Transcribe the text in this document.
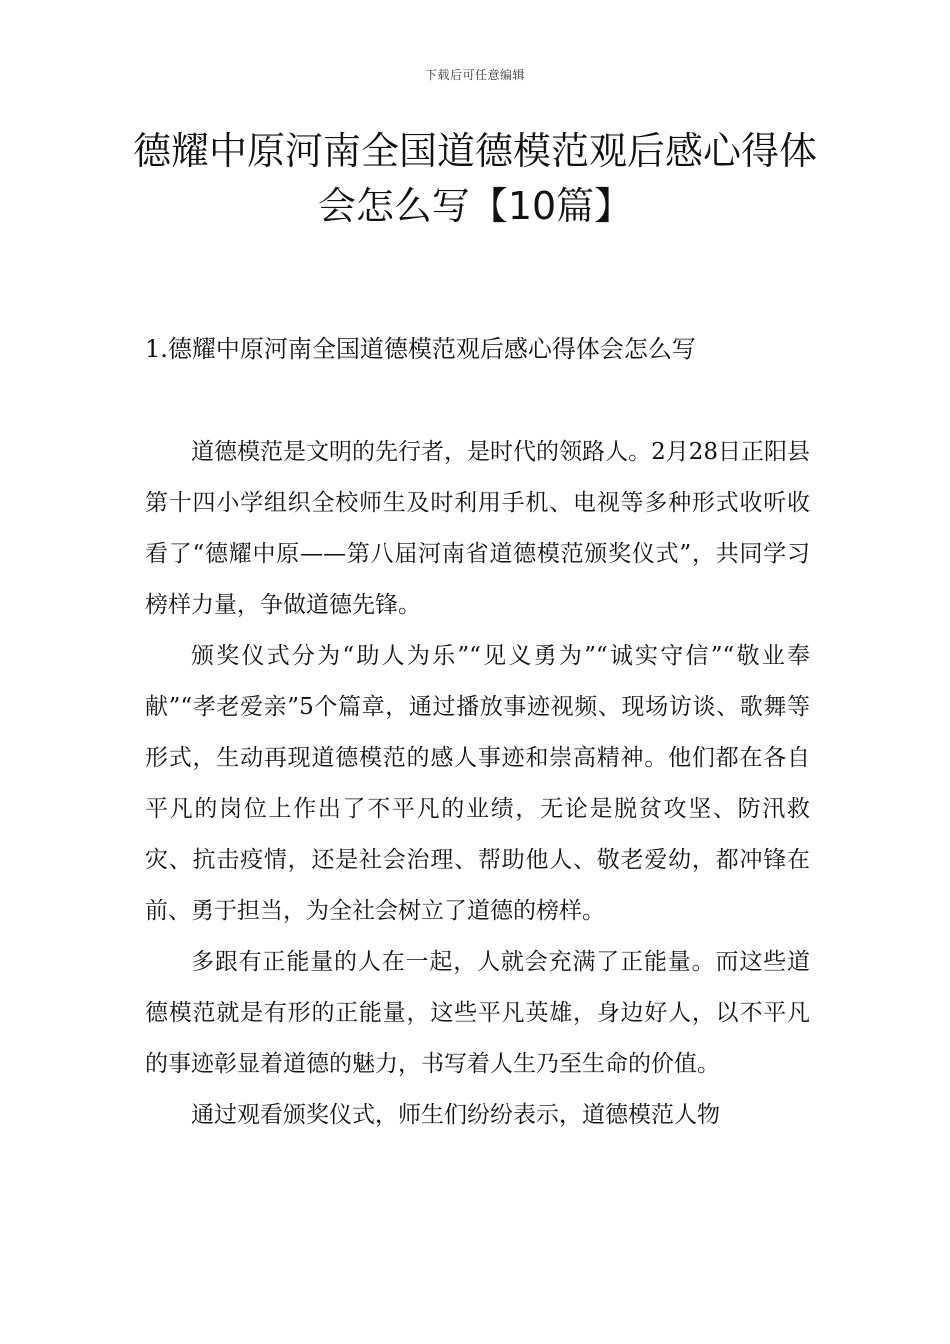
下载后可任意编辑
德耀中原河南全国道德模范观后感心得体会怎么写【10篇】
1.德耀中原河南全国道德模范观后感心得体会怎么写

道德模范是文明的先行者，是时代的领路人。2月28日正阳县第十四小学组织全校师生及时利用手机、电视等多种形式收听收看了“德耀中原——第八届河南省道德模范颁奖仪式”，共同学习榜样力量，争做道德先锋。

颁奖仪式分为“助人为乐”“见义勇为”“诚实守信”“敬业奉献”“孝老爱亲”5个篇章，通过播放事迹视频、现场访谈、歌舞等形式，生动再现道德模范的感人事迹和崇高精神。他们都在各自平凡的岗位上作出了不平凡的业绩，无论是脱贫攻坚、防汛救灾、抗击疫情，还是社会治理、帮助他人、敬老爱幼，都冲锋在前、勇于担当，为全社会树立了道德的榜样。

多跟有正能量的人在一起，人就会充满了正能量。而这些道德模范就是有形的正能量，这些平凡英雄，身边好人，以不平凡的事迹彰显着道德的魅力，书写着人生乃至生命的价值。

通过观看颁奖仪式，师生们纷纷表示，道德模范人物
